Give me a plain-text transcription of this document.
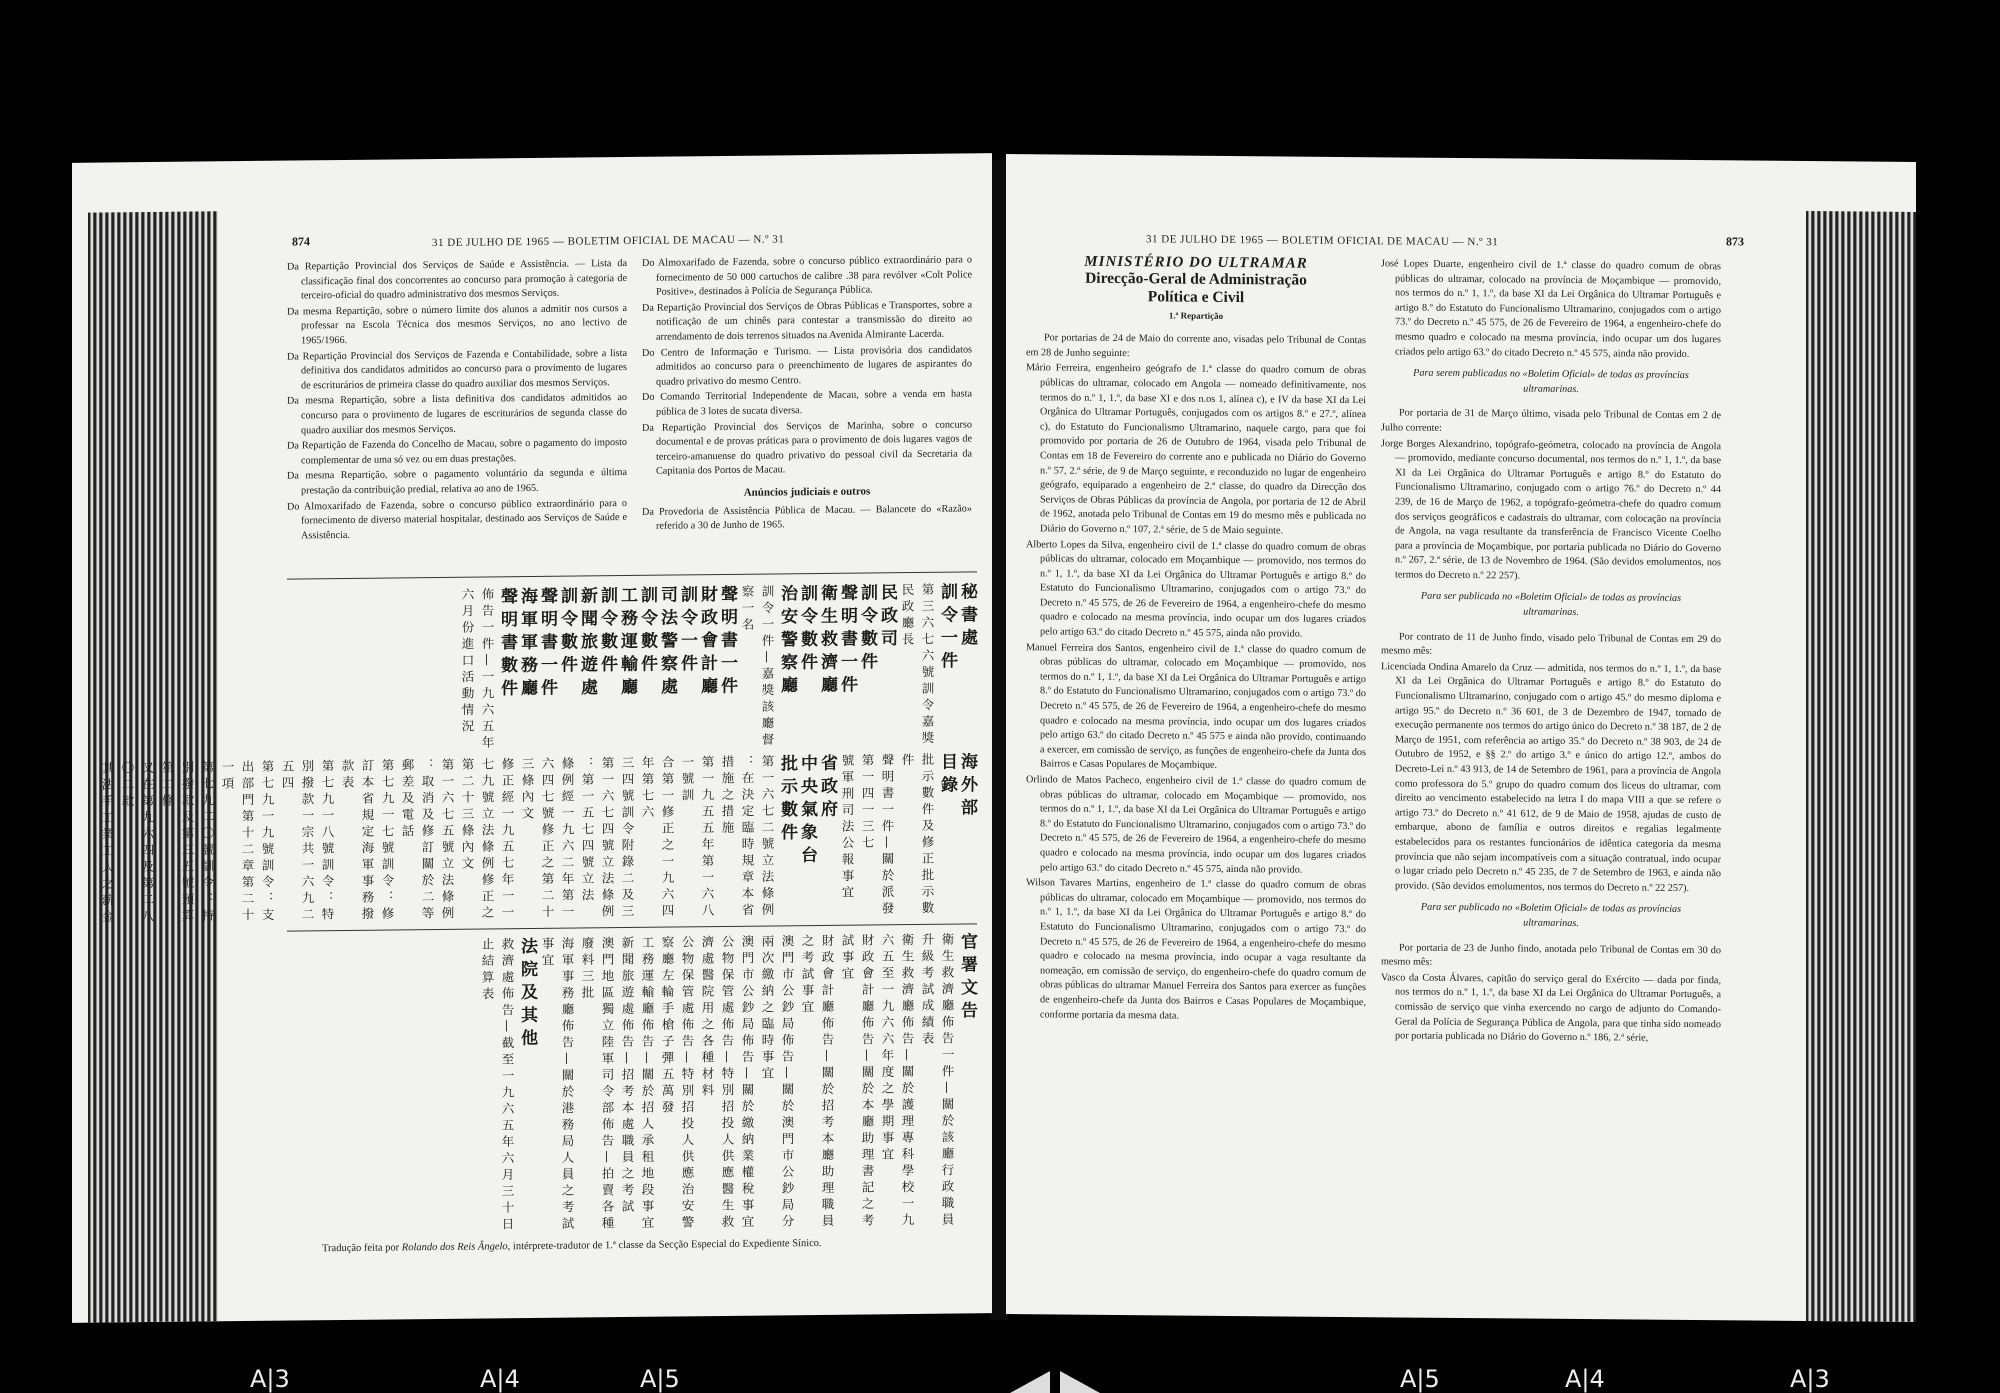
874	31 DE JULHO DE 1965 — BOLETIM OFICIAL DE MACAU — N.º 31

Da Repartição Provincial dos Serviços de Saúde e Assistência. — Lista da classificação final dos concorrentes ao concurso para promoção à categoria de terceiro-oficial do quadro administrativo dos mesmos Serviços.

Da mesma Repartição, sobre o número limite dos alunos a admitir nos cursos a professar na Escola Técnica dos mesmos Serviços, no ano lectivo de 1965/1966.

Da Repartição Provincial dos Serviços de Fazenda e Contabilidade, sobre a lista definitiva dos candidatos admitidos ao concurso para o provimento de lugares de escriturários de primeira classe do quadro auxiliar dos mesmos Serviços.

Da mesma Repartição, sobre a lista definitiva dos candidatos admitidos ao concurso para o provimento de lugares de escriturários de segunda classe do quadro auxiliar dos mesmos Serviços.

Da Repartição de Fazenda do Concelho de Macau, sobre o pagamento do imposto complementar de uma só vez ou em duas prestações.

Da mesma Repartição, sobre o pagamento voluntário da segunda e última prestação da contribuição predial, relativa ao ano de 1965.

Do Almoxarifado de Fazenda, sobre o concurso público extraordinário para o fornecimento de diverso material hospitalar, destinado aos Serviços de Saúde e Assistência.

Do Almoxarifado de Fazenda, sobre o concurso público extraordinário para o fornecimento de 50 000 cartuchos de calibre .38 para revólver «Colt Police Positive», destinados à Polícia de Segurança Pública.

Da Repartição Provincial dos Serviços de Obras Públicas e Transportes, sobre a notificação de um chinês para contestar a transmissão do direito ao arrendamento de dois terrenos situados na Avenida Almirante Lacerda.

Do Centro de Informação e Turismo. — Lista provisória dos candidatos admitidos ao concurso para o preenchimento de lugares de aspirantes do quadro privativo do mesmo Centro.

Do Comando Territorial Independente de Macau, sobre a venda em hasta pública de 3 lotes de sucata diversa.

Da Repartição Provincial dos Serviços de Marinha, sobre o concurso documental e de provas práticas para o provimento de dois lugares vagos de terceiro-amanuense do quadro privativo do pessoal civil da Secretaria da Capitania dos Portos de Macau.

Anúncios judiciais e outros

Da Provedoria de Assistência Pública de Macau. — Balancete do «Razão» referido a 30 de Junho de 1965.

海 外 部
目 錄
批 示 數 件 及 修 正 批 示 數 件
聲 明 書 一 件 — 關 於 派 發 第 一 四 一 三 七
號 軍 刑 司 法 公 報 事 宜
省 政 府
中 央 氣 象 台
批 示 數 件
第 一 六 七 二 號 立 法 條 例 ： 在 決 定 臨 時 規 章 本 省 措 施 之 措 施
第 一 九 五 五 年 第 一 六 八 一 號 訓
合 第 一 修 正 之 一 九 六 四 年 第 七 六
三 四 號 訓 令 附 錄 二 及 三
第 一 六 七 四 號 立 法 條 例 ： 第 一 五 七 四 號 立 法
條 例 經 一 九 六 二 年 第 一 六 四 七 號 修 正 之 第 二 十 三 條 內 文
修 正 經 一 九 五 七 年 一 一 七 九 號 立 法 條 例 修 正 之 第 二 十 三 條 內 文
第 一 六 七 五 號 立 法 條 例 ： 取 消 及 修 訂 關 於 二 等 郵 差 及 電 話
第 七 九 一 七 號 訓 令 ： 修 訂 本 省 規 定 海 軍 事 務 撥 款 表
第 七 九 一 八 號 訓 令 ： 特 別 撥 款 一 宗 共 一 六 九 二 五 四
第 七 九 一 九 號 訓 令 ： 支 出 部 門 第 十 二 章 第 二 十 一 項
第 七 九 二 〇 號 訓 令 ： 特 別 撥 款 及 第 三 五 號 預 算 第 二 條
又 在 第 九 六 四 及 第 二 八 〇 二 款
其 法 手 工 業 工 人 之 薪 金
秘 書 處
訓 令 一 件
第 三 六 七 六 號 訓 令 嘉 獎 民 政 廳 長
民 政 司
訓 令 數 件
聲 明 書 一 件
衛 生 救 濟 廳
訓 令 數 件
治 安 警 察 廳
訓 令 一 件 — 嘉 獎 該 廳 督 察 一 名
聲 明 書 一 件
財 政 會 計 廳
訓 令 一 件
司 法 警 察 處
訓 令 數 件
工 務 運 輸 廳
訓 令 數 件
新 聞 旅 遊 處
訓 令 數 件
聲 明 書 一 件
海 軍 軍 務 廳
聲 明 書 數 件
佈 告 一 件 — 一 九 六 五 年 六 月 份 進 口 活 動 情 況
官 署 文 告
衛 生 救 濟 廳 佈 告 一 件 — 關 於 該 廳 行 政 職 員 升 級 考 試 成 績 表
衛 生 救 濟 廳 佈 告 — 關 於 護 理 專 科 學 校 一 九 六 五 至 一 九 六 六 年 度 之 學 期 事 宜
財 政 會 計 廳 佈 告 — 關 於 本 廳 助 理 書 記 之 考 試 事 宜
財 政 會 計 廳 佈 告 — 關 於 招 考 本 廳 助 理 職 員 之 考 試 事 宜
澳 門 市 公 鈔 局 佈 告 — 關 於 澳 門 市 公 鈔 局 分 兩 次 繳 納 之 臨 時 事 宜
澳 門 市 公 鈔 局 佈 告 — 關 於 繳 納 業 權 稅 事 宜
公 物 保 管 處 佈 告 — 特 別 招 投 人 供 應 醫 生 救 濟 處 醫 院 用 之 各 種 材 料
公 物 保 管 處 佈 告 — 特 別 招 投 人 供 應 治 安 警 察 廳 左 輪 手 槍 子 彈 五 萬 發
工 務 運 輸 廳 佈 告 — 關 於 招 人 承 租 地 段 事 宜
新 聞 旅 遊 處 佈 告 — 招 考 本 處 職 員 之 考 試
澳 門 地 區 獨 立 陸 軍 司 令 部 佈 告 — 拍 賣 各 種 廢 料 三 批
海 軍 事 務 廳 佈 告 — 關 於 港 務 局 人 員 之 考 試 事 宜
法 院 及 其 他
救 濟 處 佈 告 — 截 至 一 九 六 五 年 六 月 三 十 日 止 結 算 表
Tradução feita por Rolando dos Reis Ângelo, intérprete-tradutor de 1.ª classe da Secção Especial do Expediente Sínico.
31 DE JULHO DE 1965 — BOLETIM OFICIAL DE MACAU — N.º 31	873
MINISTÉRIO DO ULTRAMAR
Direcção-Geral de Administração
Política e Civil
1.ª Repartição

Por portarias de 24 de Maio do corrente ano, visadas pelo Tribunal de Contas em 28 de Junho seguinte:

Mário Ferreira, engenheiro geógrafo de 1.ª classe do quadro comum de obras públicas do ultramar, colocado em Angola — nomeado definitivamente, nos termos do n.º 1, 1.º, da base XI e dos n.os 1, alínea c), e IV da base XI da Lei Orgânica do Ultramar Português, conjugados com os artigos 8.º e 27.º, alínea c), do Estatuto do Funcionalismo Ultramarino, naquele cargo, para que foi promovido por portaria de 26 de Outubro de 1964, visada pelo Tribunal de Contas em 18 de Fevereiro do corrente ano e publicada no Diário do Governo n.º 57, 2.ª série, de 9 de Março seguinte, e reconduzido no lugar de engenheiro geógrafo, equiparado a engenheiro de 2.ª classe, do quadro da Direcção dos Serviços de Obras Públicas da província de Angola, por portaria de 12 de Abril de 1962, anotada pelo Tribunal de Contas em 19 do mesmo mês e publicada no Diário do Governo n.º 107, 2.ª série, de 5 de Maio seguinte.

Alberto Lopes da Silva, engenheiro civil de 1.ª classe do quadro comum de obras públicas do ultramar, colocado em Moçambique — promovido, nos termos do n.º 1, 1.º, da base XI da Lei Orgânica do Ultramar Português e artigo 8.º do Estatuto do Funcionalismo Ultramarino, conjugados com o artigo 73.º do Decreto n.º 45 575, de 26 de Fevereiro de 1964, a engenheiro-chefe do mesmo quadro e colocado na mesma província, indo ocupar um dos lugares criados pelo artigo 63.º do citado Decreto n.º 45 575, ainda não provido.

Manuel Ferreira dos Santos, engenheiro civil de 1.ª classe do quadro comum de obras públicas do ultramar, colocado em Moçambique — promovido, nos termos do n.º 1, 1.º, da base XI da Lei Orgânica do Ultramar Português e artigo 8.º do Estatuto do Funcionalismo Ultramarino, conjugados com o artigo 73.º do Decreto n.º 45 575, de 26 de Fevereiro de 1964, a engenheiro-chefe do mesmo quadro e colocado na mesma província, indo ocupar um dos lugares criados pelo artigo 63.º do citado Decreto n.º 45 575 e ainda não provido, continuando a exercer, em comissão de serviço, as funções de engenheiro-chefe da Junta dos Bairros e Casas Populares de Moçambique.

Orlindo de Matos Pacheco, engenheiro civil de 1.ª classe do quadro comum de obras públicas do ultramar, colocado em Moçambique — promovido, nos termos do n.º 1, 1.º, da base XI da Lei Orgânica do Ultramar Português e artigo 8.º do Estatuto do Funcionalismo Ultramarino, conjugados com o artigo 73.º do Decreto n.º 45 575, de 26 de Fevereiro de 1964, a engenheiro-chefe do mesmo quadro e colocado na mesma província, indo ocupar um dos lugares criados pelo artigo 63.º do citado Decreto n.º 45 575, ainda não provido.

Wilson Tavares Martins, engenheiro de 1.ª classe do quadro comum de obras públicas do ultramar, colocado em Moçambique — promovido, nos termos do n.º 1, 1.º, da base XI da Lei Orgânica do Ultramar Português e artigo 8.º do Estatuto do Funcionalismo Ultramarino, conjugados com o artigo 73.º do Decreto n.º 45 575, de 26 de Fevereiro de 1964, a engenheiro-chefe do mesmo quadro e colocado na mesma província, indo ocupar a vaga resultante da nomeação, em comissão de serviço, do engenheiro-chefe do quadro comum de obras públicas do ultramar Manuel Ferreira dos Santos para exercer as funções de engenheiro-chefe da Junta dos Bairros e Casas Populares de Moçambique, conforme portaria da mesma data.

José Lopes Duarte, engenheiro civil de 1.ª classe do quadro comum de obras públicas do ultramar, colocado na província de Moçambique — promovido, nos termos do n.º 1, 1.º, da base XI da Lei Orgânica do Ultramar Português e artigo 8.º do Estatuto do Funcionalismo Ultramarino, conjugados com o artigo 73.º do Decreto n.º 45 575, de 26 de Fevereiro de 1964, a engenheiro-chefe do mesmo quadro e colocado na mesma província, indo ocupar um dos lugares criados pelo artigo 63.º do citado Decreto n.º 45 575, ainda não provido.

Para serem publicadas no «Boletim Oficial» de todas as províncias ultramarinas.

Por portaria de 31 de Março último, visada pelo Tribunal de Contas em 2 de Julho corrente:

Jorge Borges Alexandrino, topógrafo-geómetra, colocado na província de Angola — promovido, mediante concurso documental, nos termos do n.º 1, 1.º, da base XI da Lei Orgânica do Ultramar Português e artigo 8.º do Estatuto do Funcionalismo Ultramarino, conjugado com o artigo 76.º do Decreto n.º 44 239, de 16 de Março de 1962, a topógrafo-geómetra-chefe do quadro comum dos serviços geográficos e cadastrais do ultramar, com colocação na província de Angola, na vaga resultante da transferência de Francisco Vicente Coelho para a província de Moçambique, por portaria publicada no Diário do Governo n.º 267, 2.ª série, de 13 de Novembro de 1964. (São devidos emolumentos, nos termos do Decreto n.º 22 257).

Para ser publicada no «Boletim Oficial» de todas as províncias ultramarinas.

Por contrato de 11 de Junho findo, visado pelo Tribunal de Contas em 29 do mesmo mês:

Licenciada Ondina Amarelo da Cruz — admitida, nos termos do n.º 1, 1.º, da base XI da Lei Orgânica do Ultramar Português e artigo 8.º do Estatuto do Funcionalismo Ultramarino, conjugado com o artigo 45.º do mesmo diploma e artigo 95.º do Decreto n.º 36 601, de 3 de Dezembro de 1947, tornado de execução permanente nos termos do artigo único do Decreto n.º 38 187, de 2 de Março de 1951, com referência ao artigo 35.º do Decreto n.º 38 903, de 24 de Outubro de 1952, e §§ 2.º do artigo 3.º e único do artigo 12.º, ambos do Decreto-Lei n.º 43 913, de 14 de Setembro de 1961, para a província de Angola como professora do 5.º grupo do quadro comum dos liceus do ultramar, com direito ao vencimento estabelecido na letra I do mapa VIII a que se refere o artigo 73.º do Decreto n.º 41 612, de 9 de Maio de 1958, ajudas de custo de embarque, abono de família e outros direitos e regalias legalmente estabelecidos para os restantes funcionários de idêntica categoria da mesma província que não sejam incompatíveis com a situação contratual, indo ocupar o lugar criado pelo Decreto n.º 45 235, de 7 de Setembro de 1963, e ainda não provido. (São devidos emolumentos, nos termos do Decreto n.º 22 257).

Para ser publicado no «Boletim Oficial» de todas as províncias ultramarinas.

Por portaria de 23 de Junho findo, anotada pelo Tribunal de Contas em 30 do mesmo mês:

Vasco da Costa Álvares, capitão do serviço geral do Exército — dada por finda, nos termos do n.º 1, 1.º, da base XI da Lei Orgânica do Ultramar Português, a comissão de serviço que vinha exercendo no cargo de adjunto do Comando-Geral da Polícia de Segurança Pública de Angola, para que tinha sido nomeado por portaria publicada no Diário do Governo n.º 186, 2.ª série,

A|3	A|4	A|5	A|5	A|4	A|3
